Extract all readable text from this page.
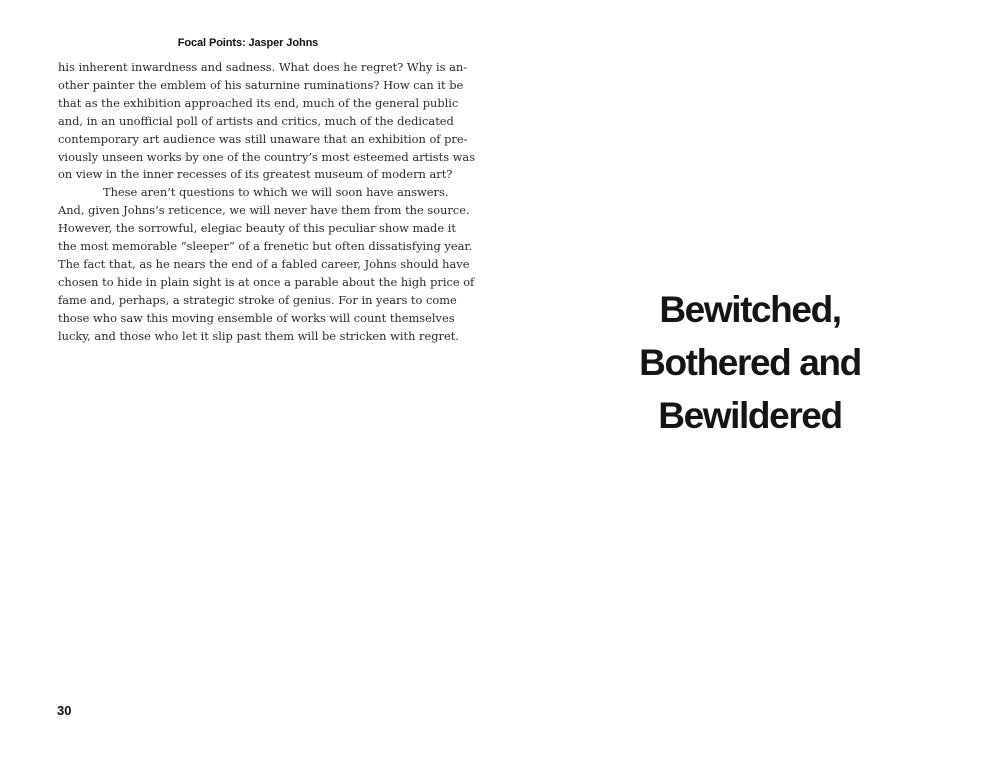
Focal Points: Jasper Johns
his inherent inwardness and sadness. What does he regret? Why is an-
other painter the emblem of his saturnine ruminations? How can it be
that as the exhibition approached its end, much of the general public
and, in an unofficial poll of artists and critics, much of the dedicated
contemporary art audience was still unaware that an exhibition of pre-
viously unseen works by one of the country’s most esteemed artists was
on view in the inner recesses of its greatest museum of modern art?
These aren’t questions to which we will soon have answers.
And, given Johns’s reticence, we will never have them from the source.
However, the sorrowful, elegiac beauty of this peculiar show made it
the most memorable “sleeper” of a frenetic but often dissatisfying year.
The fact that, as he nears the end of a fabled career, Johns should have
chosen to hide in plain sight is at once a parable about the high price of
fame and, perhaps, a strategic stroke of genius. For in years to come
those who saw this moving ensemble of works will count themselves
lucky, and those who let it slip past them will be stricken with regret.
30
Bewitched,
Bothered and
Bewildered
